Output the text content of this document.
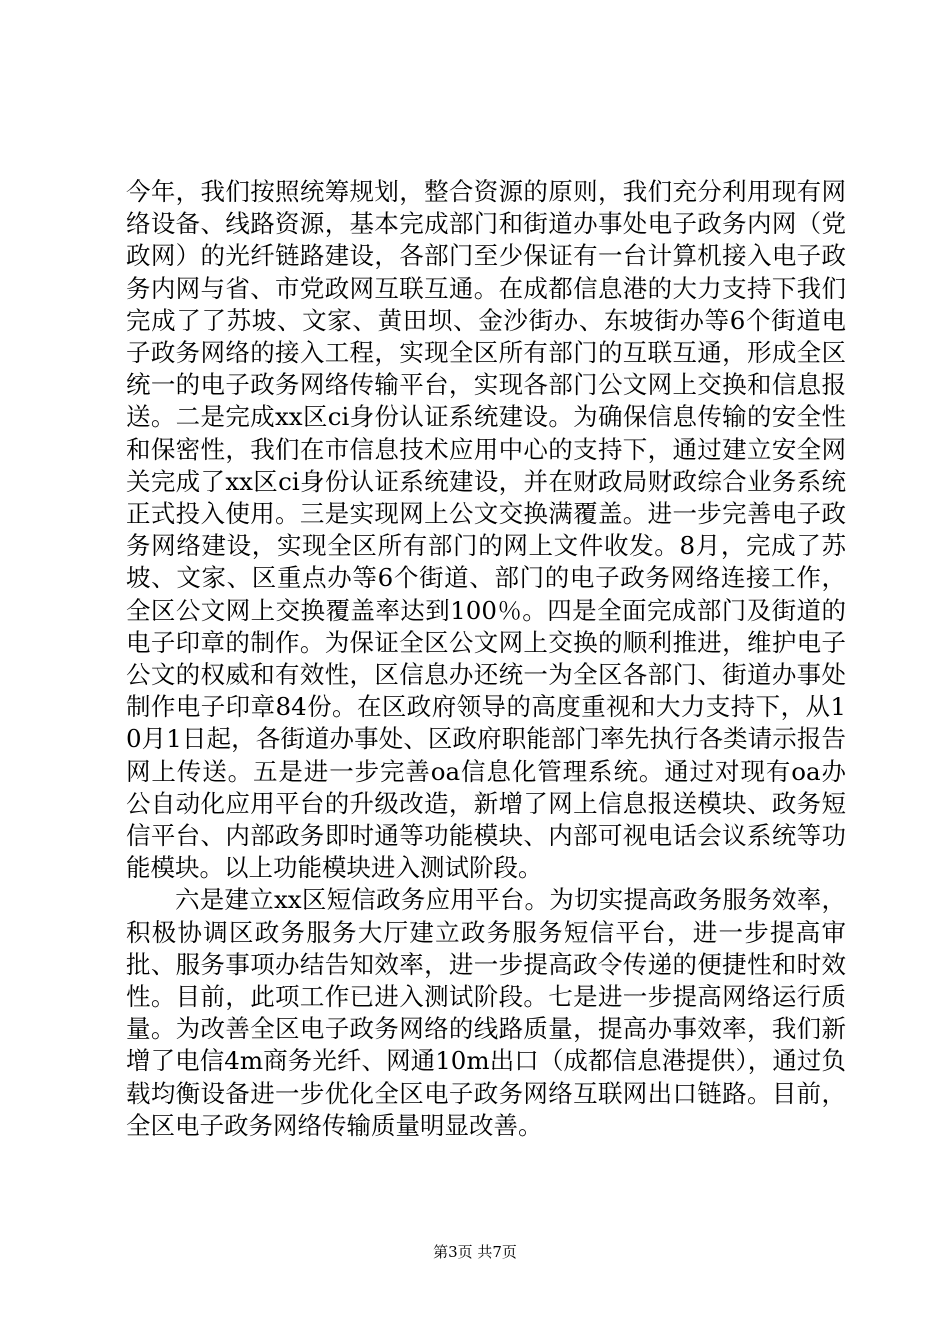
今年，我们按照统筹规划，整合资源的原则，我们充分利用现有网络设备、线路资源，基本完成部门和街道办事处电子政务内网（党政网）的光纤链路建设，各部门至少保证有一台计算机接入电子政务内网与省、市党政网互联互通。在成都信息港的大力支持下我们完成了了苏坡、文家、黄田坝、金沙街办、东坡街办等6个街道电子政务网络的接入工程，实现全区所有部门的互联互通，形成全区统一的电子政务网络传输平台，实现各部门公文网上交换和信息报送。二是完成xx区ci身份认证系统建设。为确保信息传输的安全性和保密性，我们在市信息技术应用中心的支持下，通过建立安全网关完成了xx区ci身份认证系统建设，并在财政局财政综合业务系统正式投入使用。三是实现网上公文交换满覆盖。进一步完善电子政务网络建设，实现全区所有部门的网上文件收发。8月，完成了苏坡、文家、区重点办等6个街道、部门的电子政务网络连接工作，全区公文网上交换覆盖率达到100％。四是全面完成部门及街道的电子印章的制作。为保证全区公文网上交换的顺利推进，维护电子公文的权威和有效性，区信息办还统一为全区各部门、街道办事处制作电子印章84份。在区政府领导的高度重视和大力支持下，从10月1日起，各街道办事处、区政府职能部门率先执行各类请示报告网上传送。五是进一步完善oa信息化管理系统。通过对现有oa办公自动化应用平台的升级改造，新增了网上信息报送模块、政务短信平台、内部政务即时通等功能模块、内部可视电话会议系统等功能模块。以上功能模块进入测试阶段。

六是建立xx区短信政务应用平台。为切实提高政务服务效率，积极协调区政务服务大厅建立政务服务短信平台，进一步提高审批、服务事项办结告知效率，进一步提高政令传递的便捷性和时效性。目前，此项工作已进入测试阶段。七是进一步提高网络运行质量。为改善全区电子政务网络的线路质量，提高办事效率，我们新增了电信4m商务光纤、网通10m出口（成都信息港提供），通过负载均衡设备进一步优化全区电子政务网络互联网出口链路。目前，全区电子政务网络传输质量明显改善。

第3页 共7页
